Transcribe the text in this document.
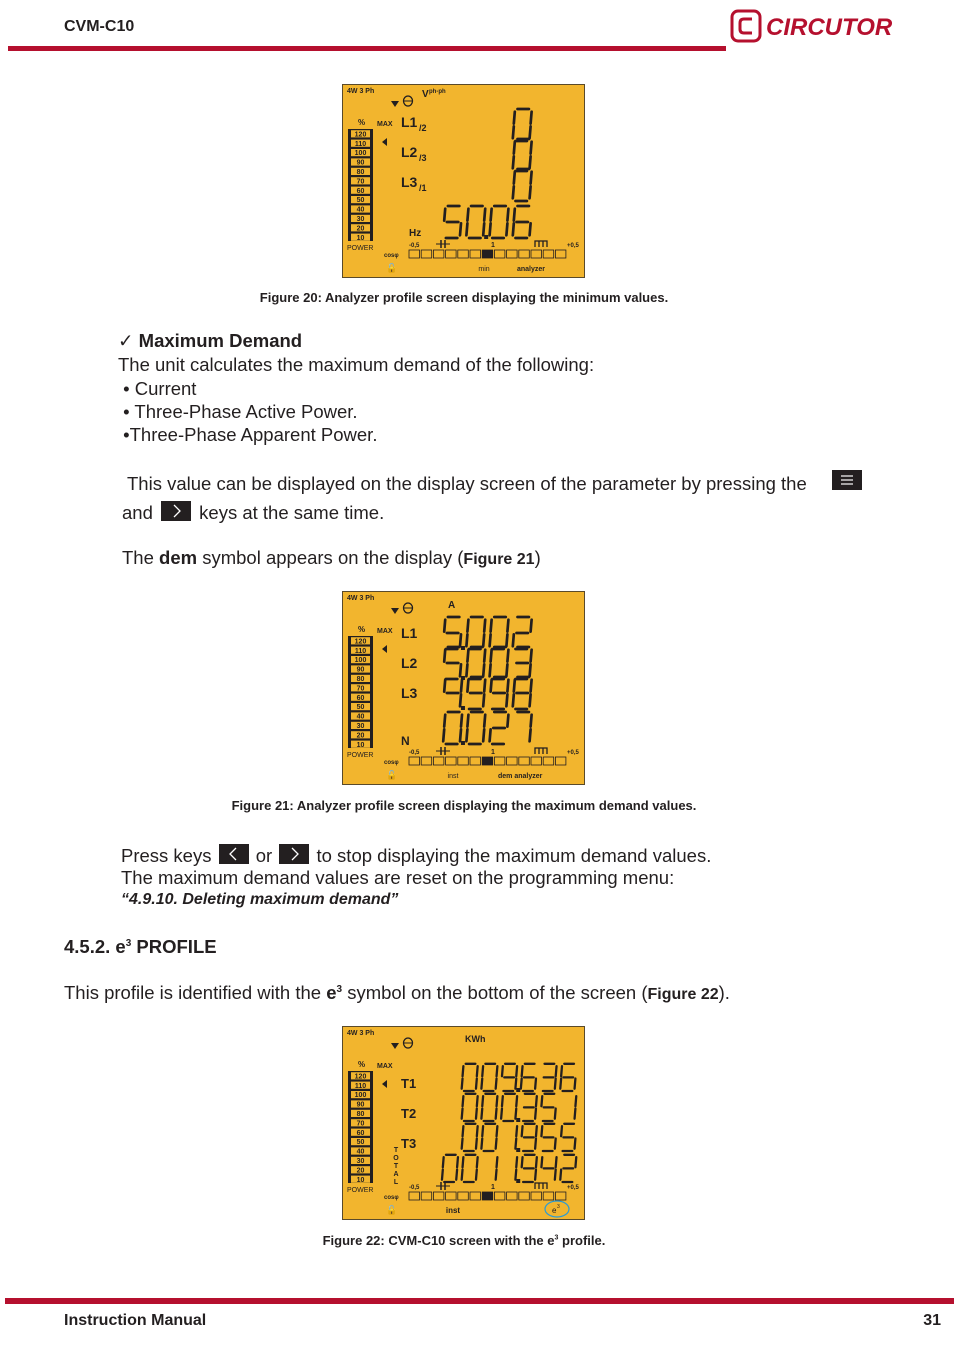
CVM-C10	CIRCUTOR
4W 3 Ph	V ph-ph
% MAX
120
110
100
90
80
70
60
50
40
30
20
10
POWER
L1 /2
L2 /3
L3 /1
Hz
-0,5	1	+0,5
cosφ
🔓	min	analyzer
Figure 20: Analyzer profile screen displaying the minimum values.
✓ Maximum Demand
The unit calculates the maximum demand of the following:
• Current
• Three-Phase Active Power.
•Three-Phase Apparent Power.
This value can be displayed on the display screen of the parameter by pressing the
and	keys at the same time.
The dem symbol appears on the display (Figure 21)
4W 3 Ph
A
% MAX
120
110
100
90
80
70
60
50
40
30
20
10
POWER
L1
L2
L3
N
-0,5	1	+0,5
cosφ
🔓	inst	dem analyzer
Figure 21: Analyzer profile screen displaying the maximum demand values.
Press keys or to stop displaying the maximum demand values.
The maximum demand values are reset on the programming menu:
“4.9.10. Deleting maximum demand”
4.5.2. $e^3$ PROFILE
This profile is identified with the $e^3$ symbol on the bottom of the screen (Figure 22).
4W 3 Ph
KWh
% MAX
120
110
100
90
80
70
60
50
40
30
20
10
POWER
T1
T2
T3
T
O
T
A
L
-0,5	1	+0,5
cosφ
🔓	inst	e 3
Figure 22: CVM-C10 screen with the $e^3$ profile.
Instruction Manual	31
